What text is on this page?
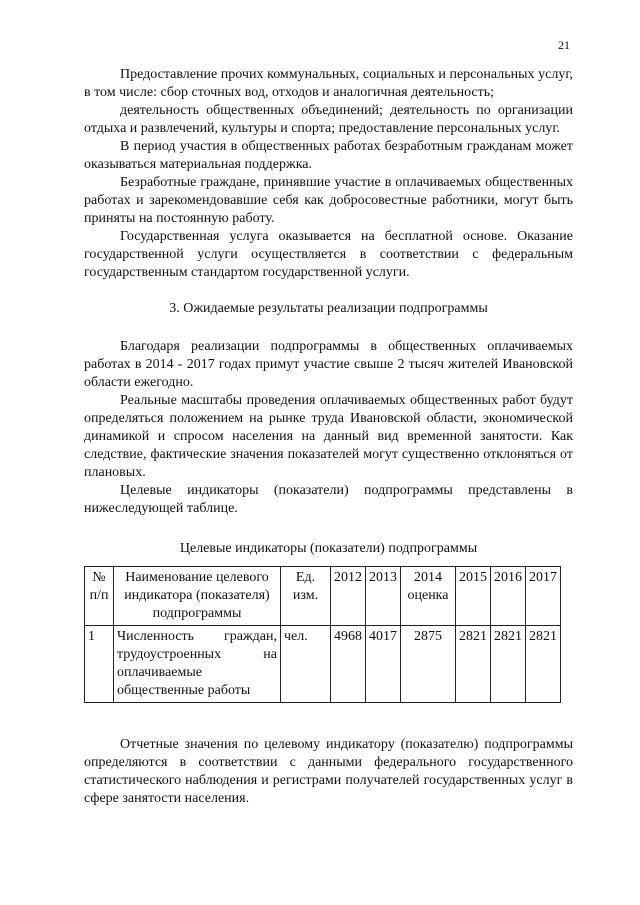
21

Предоставление прочих коммунальных, социальных и персональных услуг, в том числе: сбор сточных вод, отходов и аналогичная деятельность;

деятельность общественных объединений; деятельность по организации отдыха и развлечений, культуры и спорта; предоставление персональных услуг.

В период участия в общественных работах безработным гражданам может оказываться материальная поддержка.

Безработные граждане, принявшие участие в оплачиваемых общественных работах и зарекомендовавшие себя как добросовестные работники, могут быть приняты на постоянную работу.

Государственная услуга оказывается на бесплатной основе. Оказание государственной услуги осуществляется в соответствии с федеральным государственным стандартом государственной услуги.

3. Ожидаемые результаты реализации подпрограммы

Благодаря реализации подпрограммы в общественных оплачиваемых работах в 2014 - 2017 годах примут участие свыше 2 тысяч жителей Ивановской области ежегодно.

Реальные масштабы проведения оплачиваемых общественных работ будут определяться положением на рынке труда Ивановской области, экономической динамикой и спросом населения на данный вид временной занятости. Как следствие, фактические значения показателей могут существенно отклоняться от плановых.

Целевые индикаторы (показатели) подпрограммы представлены в нижеследующей таблице.

Целевые индикаторы (показатели) подпрограммы
№ п/п	Наименование целевого индикатора (показателя) подпрограммы	Ед. изм.	2012	2013	2014 оценка	2015	2016	2017
1	Численность граждан,
трудоустроенных на
оплачиваемые
общественные работы	чел.	4968	4017	2875	2821	2821	2821

Отчетные значения по целевому индикатору (показателю) подпрограммы определяются в соответствии с данными федерального государственного статистического наблюдения и регистрами получателей государственных услуг в сфере занятости населения.
